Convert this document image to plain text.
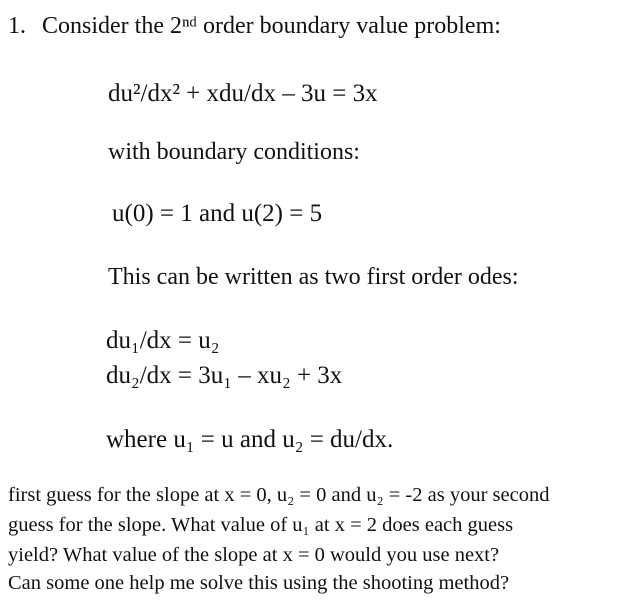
1. Consider the 2ⁿᵈ order boundary value problem:
du²/dx² + xdu/dx – 3u = 3x
with boundary conditions:
u(0) = 1 and u(2) = 5
This can be written as two first order odes:
du₁/dx = u₂
du₂/dx = 3u₁ – xu₂ + 3x
where u₁ = u and u₂ = du/dx.
first guess for the slope at x = 0, u₂ = 0 and u₂ = -2 as your second
guess for the slope. What value of u₁ at x = 2 does each guess
yield? What value of the slope at x = 0 would you use next?
Can some one help me solve this using the shooting method?
